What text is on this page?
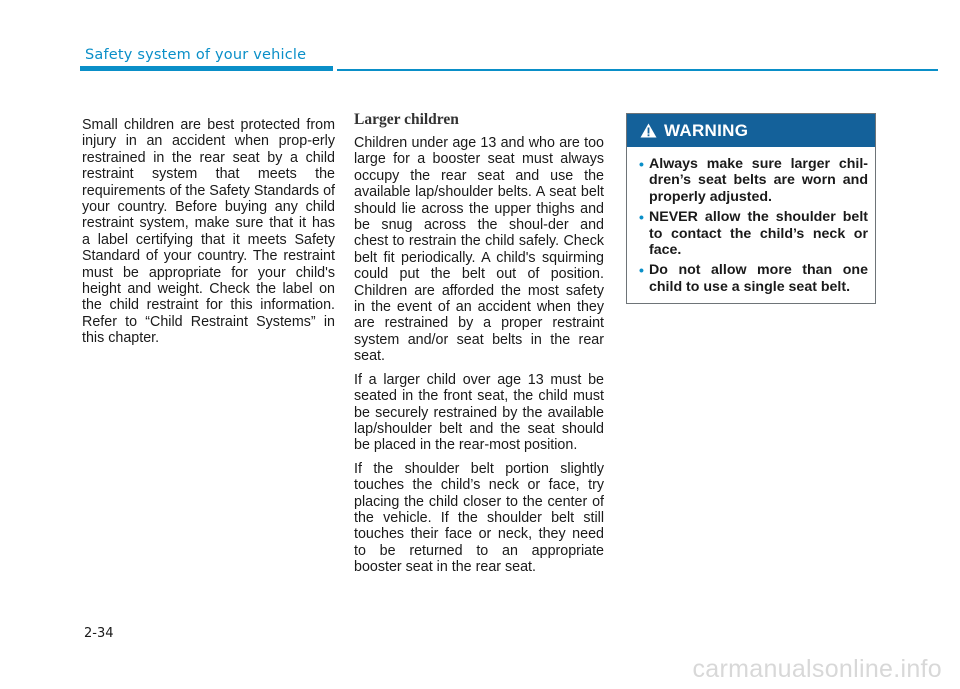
Safety system of your vehicle

Small children are best protected from injury in an accident when prop-erly restrained in the rear seat by a child restraint system that meets the requirements of the Safety Standards of your country. Before buying any child restraint system, make sure that it has a label certifying that it meets Safety Standard of your country. The restraint must be appropriate for your child's height and weight. Check the label on the child restraint for this information. Refer to “Child Restraint Systems” in this chapter.

Larger children

Children under age 13 and who are too large for a booster seat must always occupy the rear seat and use the available lap/shoulder belts. A seat belt should lie across the upper thighs and be snug across the shoul-der and chest to restrain the child safely. Check belt fit periodically. A child's squirming could put the belt out of position. Children are afforded the most safety in the event of an accident when they are restrained by a proper restraint system and/or seat belts in the rear seat.

If a larger child over age 13 must be seated in the front seat, the child must be securely restrained by the available lap/shoulder belt and the seat should be placed in the rear-most position.

If the shoulder belt portion slightly touches the child’s neck or face, try placing the child closer to the center of the vehicle. If the shoulder belt still touches their face or neck, they need to be returned to an appropriate booster seat in the rear seat.

WARNING
• Always make sure larger chil-dren’s seat belts are worn and properly adjusted.
• NEVER allow the shoulder belt to contact the child’s neck or face.
• Do not allow more than one child to use a single seat belt.
2-34
carmanualsonline.info
